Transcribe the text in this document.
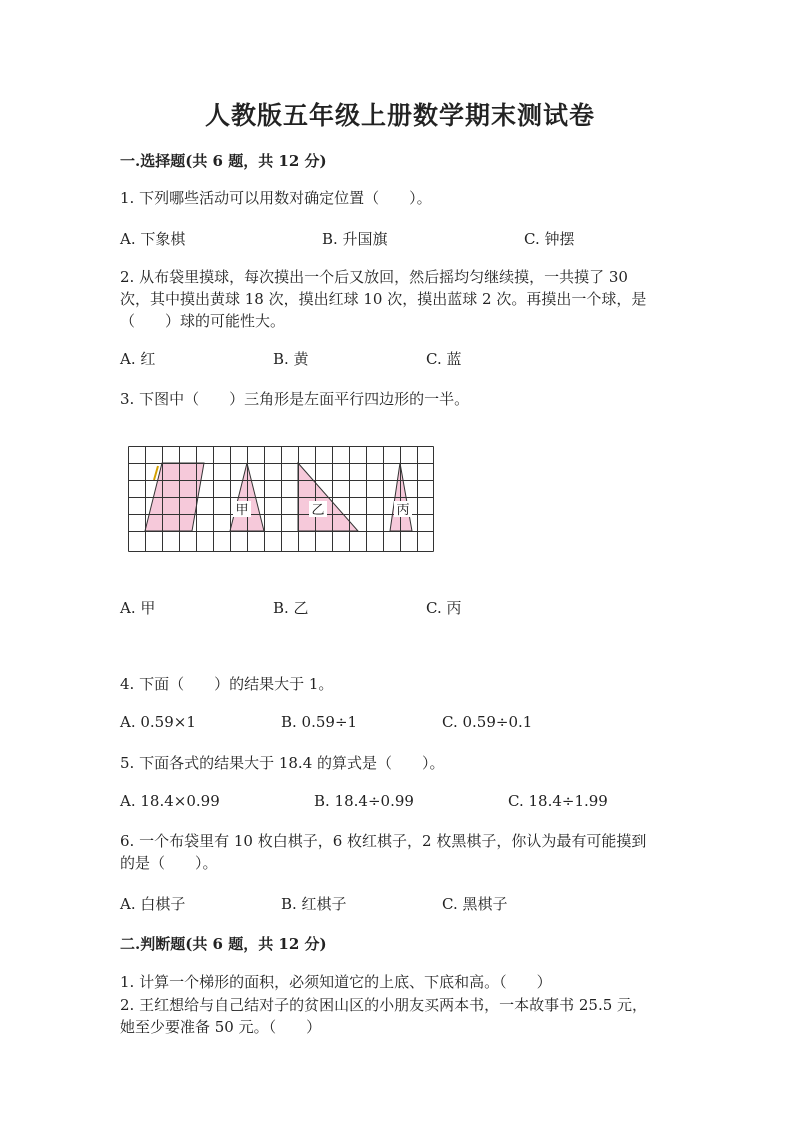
人教版五年级上册数学期末测试卷
一.选择题(共 6 题，共 12 分)
1. 下列哪些活动可以用数对确定位置（　　）。
A. 下象棋	B. 升国旗	C. 钟摆
2. 从布袋里摸球，每次摸出一个后又放回，然后摇均匀继续摸，一共摸了 30
次，其中摸出黄球 18 次，摸出红球 10 次，摸出蓝球 2 次。再摸出一个球，是
（　　）球的可能性大。
A. 红	B. 黄	C. 蓝
3. 下图中（　　）三角形是左面平行四边形的一半。
甲	乙	丙
A. 甲	B. 乙	C. 丙
4. 下面（　　）的结果大于 1。
A. 0.59×1	B. 0.59÷1	C. 0.59÷0.1
5. 下面各式的结果大于 18.4 的算式是（　　）。
A. 18.4×0.99	B. 18.4÷0.99	C. 18.4÷1.99
6. 一个布袋里有 10 枚白棋子，6 枚红棋子，2 枚黑棋子，你认为最有可能摸到
的是（　　）。
A. 白棋子	B. 红棋子	C. 黑棋子
二.判断题(共 6 题，共 12 分)
1. 计算一个梯形的面积，必须知道它的上底、下底和高。（　　）
2. 王红想给与自己结对子的贫困山区的小朋友买两本书，一本故事书 25.5 元，
她至少要准备 50 元。（　　）
